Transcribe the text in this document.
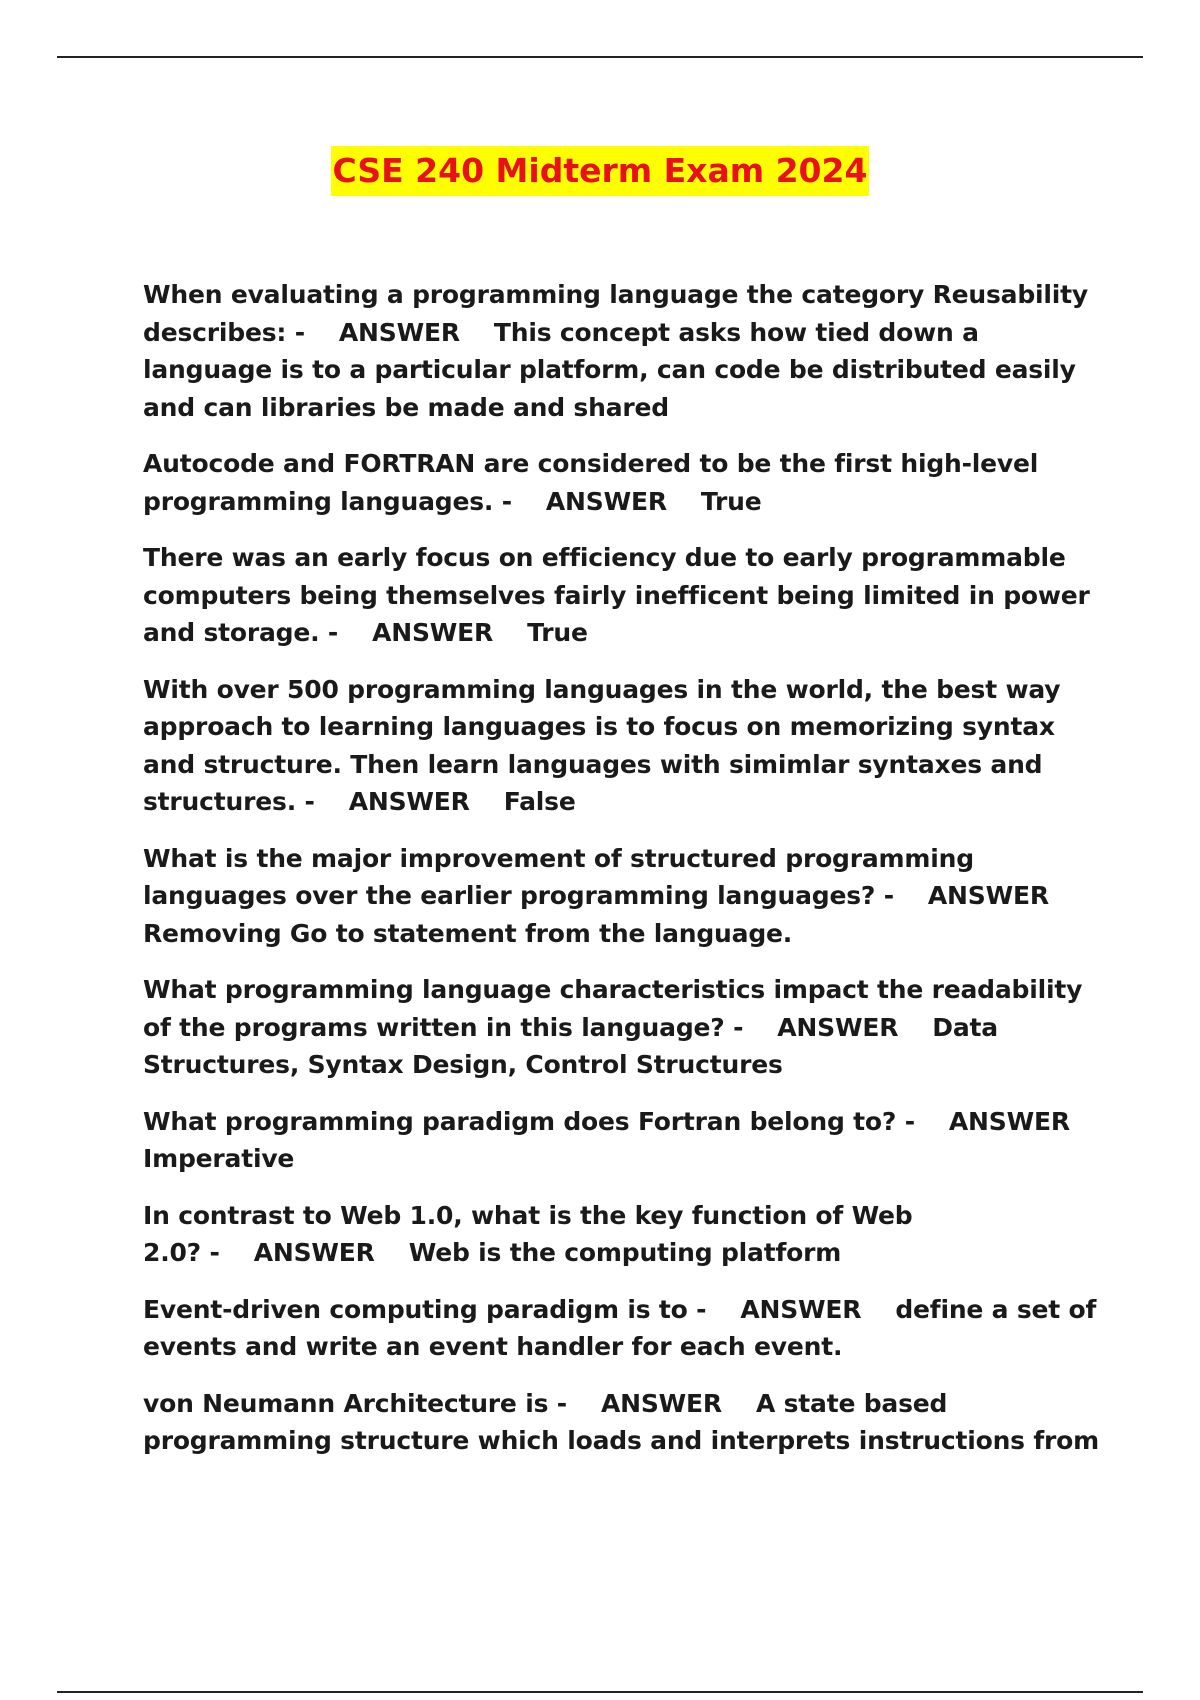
CSE 240 Midterm Exam 2024
When evaluating a programming language the category Reusability describes: -    ANSWER This concept asks how tied down a language is to a particular platform, can code be distributed easily and can libraries be made and shared
Autocode and FORTRAN are considered to be the first high-level programming languages. -    ANSWER True
There was an early focus on efficiency due to early programmable computers being themselves fairly inefficent being limited in power and storage. -    ANSWER True
With over 500 programming languages in the world, the best way approach to learning languages is to focus on memorizing syntax and structure. Then learn languages with simimlar syntaxes and structures. -    ANSWER False
What is the major improvement of structured programming languages over the earlier programming languages? -    ANSWER    Removing Go to statement from the language.
What programming language characteristics impact the readability of the programs written in this language? -    ANSWER Data Structures, Syntax Design, Control Structures
What programming paradigm does Fortran belong to? -    ANSWER    Imperative
In contrast to Web 1.0, what is the key function of Web 2.0? -    ANSWER Web is the computing platform
Event-driven computing paradigm is to -    ANSWER define a set of events and write an event handler for each event.
von Neumann Architecture is -    ANSWER A state based programming structure which loads and interprets instructions from
